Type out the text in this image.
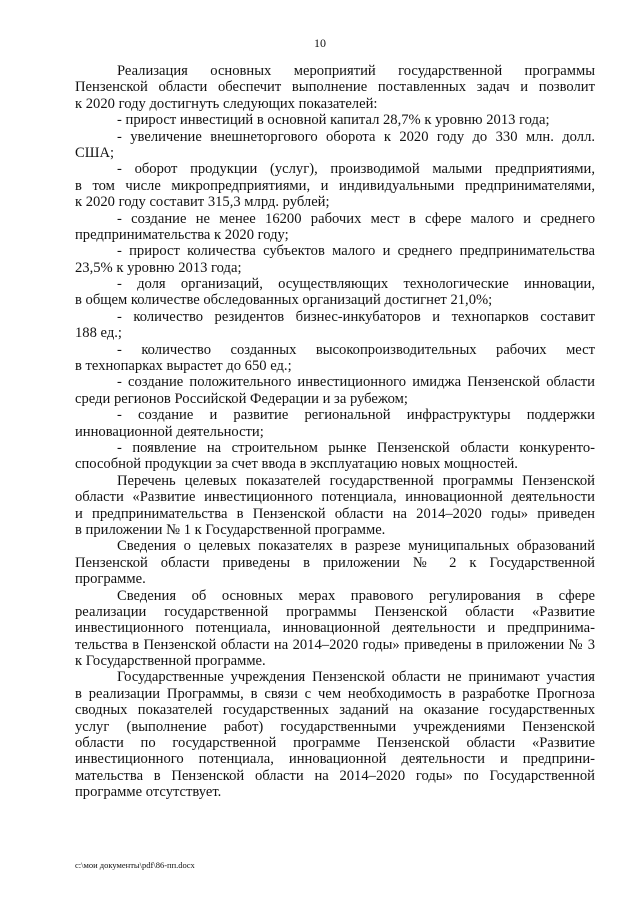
10
Реализация основных мероприятий государственной программы
Пензенской области обеспечит выполнение поставленных задач и позволит
к 2020 году достигнуть следующих показателей:
- прирост инвестиций в основной капитал 28,7% к уровню 2013 года;
- увеличение внешнеторгового оборота к 2020 году до 330 млн. долл.
США;
- оборот продукции (услуг), производимой малыми предприятиями,
в том числе микропредприятиями, и индивидуальными предпринимателями,
к 2020 году составит 315,3 млрд. рублей;
- создание не менее 16200 рабочих мест в сфере малого и среднего
предпринимательства к 2020 году;
- прирост количества субъектов малого и среднего предпринимательства
23,5% к уровню 2013 года;
- доля организаций, осуществляющих технологические инновации,
в общем количестве обследованных организаций достигнет 21,0%;
- количество резидентов бизнес-инкубаторов и технопарков составит
188 ед.;
- количество созданных высокопроизводительных рабочих мест
в технопарках вырастет до 650 ед.;
- создание положительного инвестиционного имиджа Пензенской области
среди регионов Российской Федерации и за рубежом;
- создание и развитие региональной инфраструктуры поддержки
инновационной деятельности;
- появление на строительном рынке Пензенской области конкуренто-
способной продукции за счет ввода в эксплуатацию новых мощностей.
Перечень целевых показателей государственной программы Пензенской
области «Развитие инвестиционного потенциала, инновационной деятельности
и предпринимательства в Пензенской области на 2014–2020 годы» приведен
в приложении № 1 к Государственной программе.
Сведения о целевых показателях в разрезе муниципальных образований
Пензенской области приведены в приложении № 2 к Государственной
программе.
Сведения об основных мерах правового регулирования в сфере
реализации государственной программы Пензенской области «Развитие
инвестиционного потенциала, инновационной деятельности и предпринима-
тельства в Пензенской области на 2014–2020 годы» приведены в приложении № 3
к Государственной программе.
Государственные учреждения Пензенской области не принимают участия
в реализации Программы, в связи с чем необходимость в разработке Прогноза
сводных показателей государственных заданий на оказание государственных
услуг (выполнение работ) государственными учреждениями Пензенской
области по государственной программе Пензенской области «Развитие
инвестиционного потенциала, инновационной деятельности и предприни-
мательства в Пензенской области на 2014–2020 годы» по Государственной
программе отсутствует.
c:\мои документы\pdf\86-пп.docx
